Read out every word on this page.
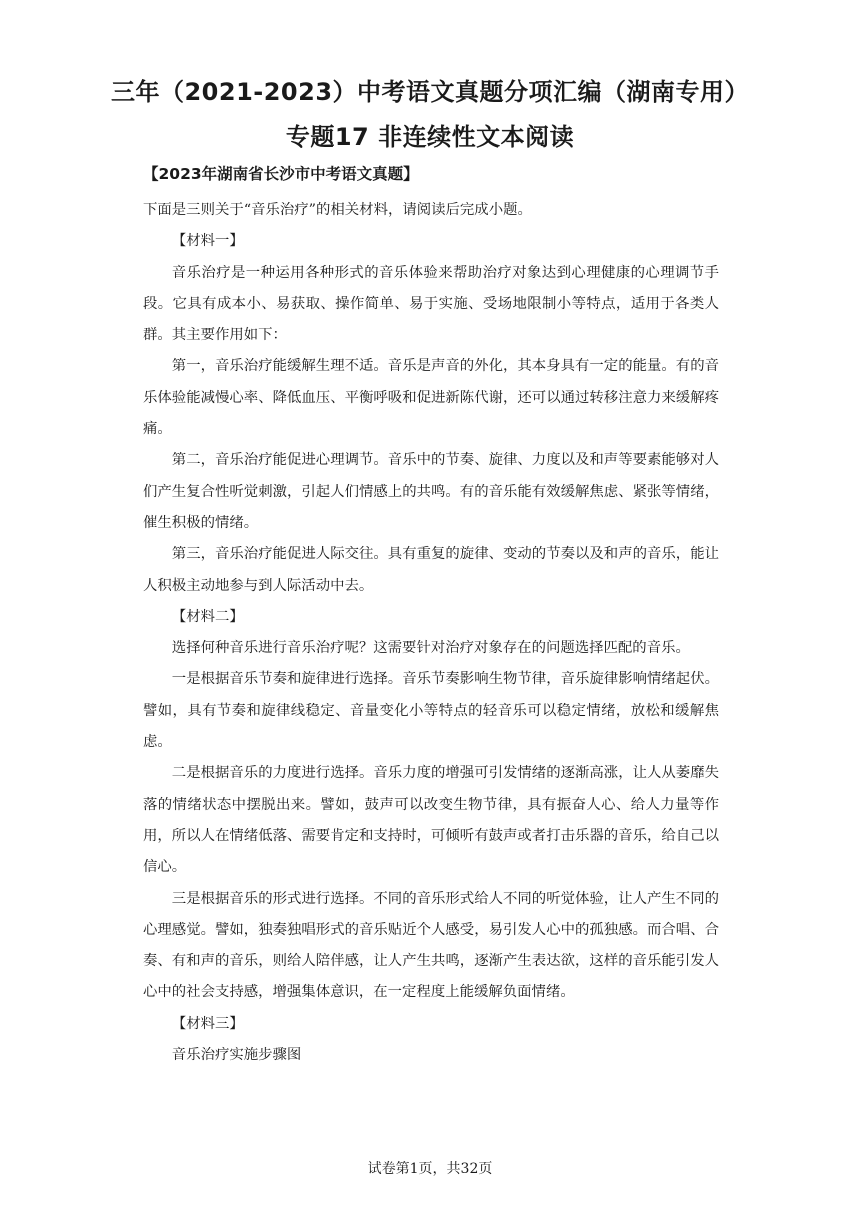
三年（2021-2023）中考语文真题分项汇编（湖南专用）
专题17 非连续性文本阅读
【2023年湖南省长沙市中考语文真题】

下面是三则关于“音乐治疗”的相关材料，请阅读后完成小题。

【材料一】

音乐治疗是一种运用各种形式的音乐体验来帮助治疗对象达到心理健康的心理调节手段。它具有成本小、易获取、操作简单、易于实施、受场地限制小等特点，适用于各类人群。其主要作用如下：

第一，音乐治疗能缓解生理不适。音乐是声音的外化，其本身具有一定的能量。有的音乐体验能减慢心率、降低血压、平衡呼吸和促进新陈代谢，还可以通过转移注意力来缓解疼痛。

第二，音乐治疗能促进心理调节。音乐中的节奏、旋律、力度以及和声等要素能够对人们产生复合性听觉刺激，引起人们情感上的共鸣。有的音乐能有效缓解焦虑、紧张等情绪，催生积极的情绪。

第三，音乐治疗能促进人际交往。具有重复的旋律、变动的节奏以及和声的音乐，能让人积极主动地参与到人际活动中去。

【材料二】

选择何种音乐进行音乐治疗呢？这需要针对治疗对象存在的问题选择匹配的音乐。

一是根据音乐节奏和旋律进行选择。音乐节奏影响生物节律，音乐旋律影响情绪起伏。譬如，具有节奏和旋律线稳定、音量变化小等特点的轻音乐可以稳定情绪，放松和缓解焦虑。

二是根据音乐的力度进行选择。音乐力度的增强可引发情绪的逐渐高涨，让人从萎靡失落的情绪状态中摆脱出来。譬如，鼓声可以改变生物节律，具有振奋人心、给人力量等作用，所以人在情绪低落、需要肯定和支持时，可倾听有鼓声或者打击乐器的音乐，给自己以信心。

三是根据音乐的形式进行选择。不同的音乐形式给人不同的听觉体验，让人产生不同的心理感觉。譬如，独奏独唱形式的音乐贴近个人感受，易引发人心中的孤独感。而合唱、合奏、有和声的音乐，则给人陪伴感，让人产生共鸣，逐渐产生表达欲，这样的音乐能引发人心中的社会支持感，增强集体意识，在一定程度上能缓解负面情绪。

【材料三】

音乐治疗实施步骤图

试卷第1页，共32页
